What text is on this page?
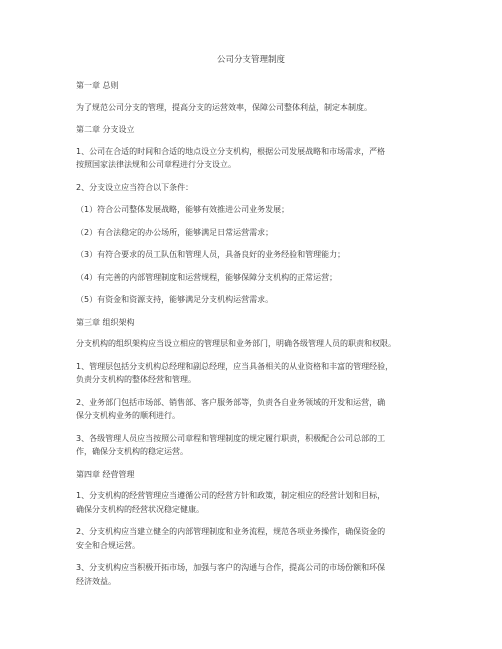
公司分支管理制度
第一章 总则
为了规范公司分支的管理，提高分支的运营效率，保障公司整体利益，制定本制度。
第二章 分支设立
1、公司在合适的时间和合适的地点设立分支机构，根据公司发展战略和市场需求，严格
按照国家法律法规和公司章程进行分支设立。
2、分支设立应当符合以下条件：
（1）符合公司整体发展战略，能够有效推进公司业务发展；
（2）有合法稳定的办公场所，能够满足日常运营需求；
（3）有符合要求的员工队伍和管理人员，具备良好的业务经验和管理能力；
（4）有完善的内部管理制度和运营规程，能够保障分支机构的正常运营；
（5）有资金和资源支持，能够满足分支机构运营需求。
第三章 组织架构
分支机构的组织架构应当设立相应的管理层和业务部门，明确各级管理人员的职责和权限。
1、管理层包括分支机构总经理和副总经理，应当具备相关的从业资格和丰富的管理经验，
负责分支机构的整体经营和管理。
2、业务部门包括市场部、销售部、客户服务部等，负责各自业务领域的开发和运营，确
保分支机构业务的顺利进行。
3、各级管理人员应当按照公司章程和管理制度的规定履行职责，积极配合公司总部的工
作，确保分支机构的稳定运营。
第四章 经营管理
1、分支机构的经营管理应当遵循公司的经营方针和政策，制定相应的经营计划和目标，
确保分支机构的经营状况稳定健康。
2、分支机构应当建立健全的内部管理制度和业务流程，规范各项业务操作，确保资金的
安全和合规运营。
3、分支机构应当积极开拓市场，加强与客户的沟通与合作，提高公司的市场份额和环保
经济效益。
